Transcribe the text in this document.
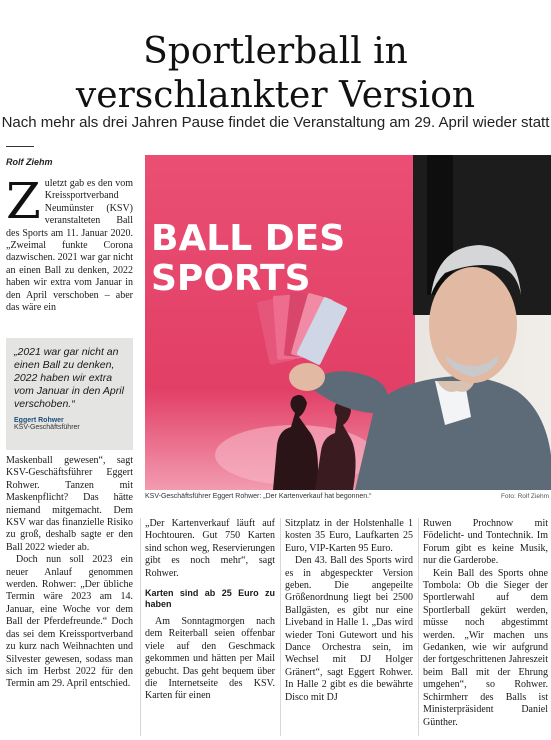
Sportlerball in
verschlankter Version
Nach mehr als drei Jahren Pause findet die Veranstaltung am 29. April wieder statt
Rolf Ziehm
Z uletzt gab es den vom Kreissportverband Neumünster (KSV) veranstalteten Ball des Sports am 11. Januar 2020. „Zweimal funkte Corona dazwischen. 2021 war gar nicht an einen Ball zu denken, 2022 haben wir extra vom Januar in den April verschoben – aber das wäre ein

„2021 war gar nicht an einen Ball zu denken, 2022 haben wir extra vom Januar in den April verschoben.“
Eggert Rohwer
KSV-Geschäftsführer

Maskenball gewesen“, sagt KSV-Geschäftsführer Eggert Rohwer. Tanzen mit Maskenpflicht? Das hätte niemand mitgemacht. Dem KSV war das finanzielle Risiko zu groß, deshalb sagte er den Ball 2022 wieder ab.

Doch nun soll 2023 ein neuer Anlauf genommen werden. Rohwer: „Der übliche Termin wäre 2023 am 14. Januar, eine Woche vor dem Ball der Pferdefreunde.“ Doch das sei dem Kreissportverband zu kurz nach Weihnachten und Silvester gewesen, sodass man sich im Herbst 2022 für den Termin am 29. April entschied.

BALL DES
SPORTS
KSV-Geschäftsführer Eggert Rohwer: „Der Kartenverkauf hat begonnen.“	Foto: Rolf Ziehm

„Der Kartenverkauf läuft auf Hochtouren. Gut 750 Karten sind schon weg, Reservierungen gibt es noch mehr“, sagt Rohwer.

Karten sind ab 25 Euro zu haben

Am Sonntagmorgen nach dem Reiterball seien offenbar viele auf den Geschmack gekommen und hätten per Mail gebucht. Das geht bequem über die Internetseite des KSV. Karten für einen

Sitzplatz in der Holstenhalle 1 kosten 35 Euro, Laufkarten 25 Euro, VIP-Karten 95 Euro.

Den 43. Ball des Sports wird es in abgespeckter Version geben. Die angepeilte Größenordnung liegt bei 2500 Ballgästen, es gibt nur eine Liveband in Halle 1. „Das wird wieder Toni Gutewort und his Dance Orchestra sein, im Wechsel mit DJ Holger Gränert“, sagt Eggert Rohwer. In Halle 2 gibt es die bewährte Disco mit DJ

Ruwen Prochnow mit Födelicht- und Tontechnik. Im Forum gibt es keine Musik, nur die Garderobe.

Kein Ball des Sports ohne Tombola: Ob die Sieger der Sportlerwahl auf dem Sportlerball gekürt werden, müsse noch abgestimmt werden. „Wir machen uns Gedanken, wie wir aufgrund der fortgeschrittenen Jahreszeit beim Ball mit der Ehrung umgehen“, so Rohwer. Schirmherr des Balls ist Ministerpräsident Daniel Günther.
